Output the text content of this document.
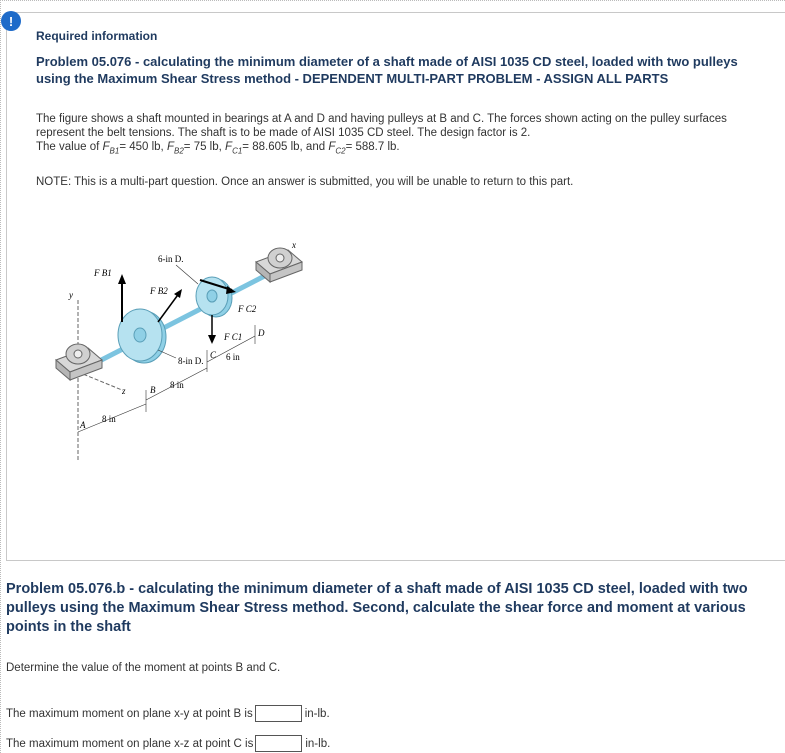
!
Required information
Problem 05.076 - calculating the minimum diameter of a shaft made of AISI 1035 CD steel, loaded with two pulleys using the Maximum Shear Stress method - DEPENDENT MULTI-PART PROBLEM - ASSIGN ALL PARTS
The figure shows a shaft mounted in bearings at A and D and having pulleys at B and C. The forces shown acting on the pulley surfaces represent the belt tensions. The shaft is to be made of AISI 1035 CD steel. The design factor is 2.
The value of $F_{B1}= 450$ lb, $F_{B2}= 75$ lb, $F_{C1}= 88.605$ lb, and $F_{C2}= 588.7$ lb.
NOTE: This is a multi-part question. Once an answer is submitted, you will be unable to return to this part.
y
z
x
F B1
F B2
6-in D.
F C2
F C1
8-in D.
D
C
B
A
6 in
8 in
8 in
Problem 05.076.b - calculating the minimum diameter of a shaft made of AISI 1035 CD steel, loaded with two pulleys using the Maximum Shear Stress method. Second, calculate the shear force and moment at various points in the shaft
Determine the value of the moment at points B and C.
The maximum moment on plane x-y at point B is	in-lb.
The maximum moment on plane x-z at point C is	in-lb.
